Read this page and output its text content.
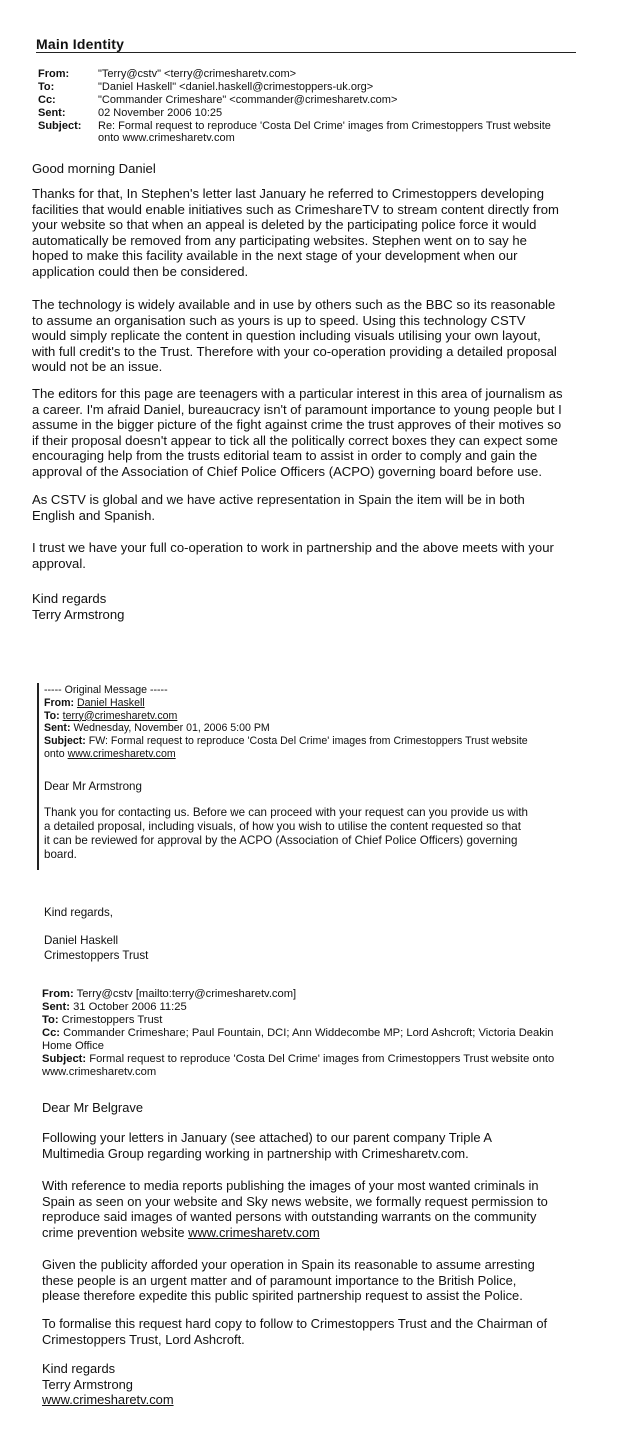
Main Identity
From:	"Terry@cstv" <terry@crimesharetv.com>
To:	"Daniel Haskell" <daniel.haskell@crimestoppers-uk.org>
Cc:	"Commander Crimeshare" <commander@crimesharetv.com>
Sent:	02 November 2006 10:25
Subject: Re: Formal request to reproduce 'Costa Del Crime' images from Crimestoppers Trust website
onto www.crimesharetv.com
Good morning Daniel
Thanks for that, In Stephen's letter last January he referred to Crimestoppers developing
facilities that would enable initiatives such as CrimeshareTV to stream content directly from
your website so that when an appeal is deleted by the participating police force it would
automatically be removed from any participating websites. Stephen went on to say he
hoped to make this facility available in the next stage of your development when our
application could then be considered.
The technology is widely available and in use by others such as the BBC so its reasonable
to assume an organisation such as yours is up to speed. Using this technology CSTV
would simply replicate the content in question including visuals utilising your own layout,
with full credit's to the Trust. Therefore with your co-operation providing a detailed proposal
would not be an issue.
The editors for this page are teenagers with a particular interest in this area of journalism as
a career. I'm afraid Daniel, bureaucracy isn't of paramount importance to young people but I
assume in the bigger picture of the fight against crime the trust approves of their motives so
if their proposal doesn't appear to tick all the politically correct boxes they can expect some
encouraging help from the trusts editorial team to assist in order to comply and gain the
approval of the Association of Chief Police Officers (ACPO) governing board before use.
As CSTV is global and we have active representation in Spain the item will be in both
English and Spanish.
I trust we have your full co-operation to work in partnership and the above meets with your
approval.
Kind regards
Terry Armstrong
----- Original Message -----
From: Daniel Haskell
To: terry@crimesharetv.com
Sent: Wednesday, November 01, 2006 5:00 PM
Subject: FW: Formal request to reproduce 'Costa Del Crime' images from Crimestoppers Trust website
onto www.crimesharetv.com
Dear Mr Armstrong
Thank you for contacting us. Before we can proceed with your request can you provide us with
a detailed proposal, including visuals, of how you wish to utilise the content requested so that
it can be reviewed for approval by the ACPO (Association of Chief Police Officers) governing
board.
Kind regards,
Daniel Haskell
Crimestoppers Trust
From: Terry@cstv [mailto:terry@crimesharetv.com]
Sent: 31 October 2006 11:25
To: Crimestoppers Trust
Cc: Commander Crimeshare; Paul Fountain, DCI; Ann Widdecombe MP; Lord Ashcroft; Victoria Deakin
Home Office
Subject: Formal request to reproduce 'Costa Del Crime' images from Crimestoppers Trust website onto
www.crimesharetv.com
Dear Mr Belgrave
Following your letters in January (see attached) to our parent company Triple A
Multimedia Group regarding working in partnership with Crimesharetv.com.
With reference to media reports publishing the images of your most wanted criminals in
Spain as seen on your website and Sky news website, we formally request permission to
reproduce said images of wanted persons with outstanding warrants on the community
crime prevention website www.crimesharetv.com
Given the publicity afforded your operation in Spain its reasonable to assume arresting
these people is an urgent matter and of paramount importance to the British Police,
please therefore expedite this public spirited partnership request to assist the Police.
To formalise this request hard copy to follow to Crimestoppers Trust and the Chairman of
Crimestoppers Trust, Lord Ashcroft.
Kind regards
Terry Armstrong
www.crimesharetv.com
